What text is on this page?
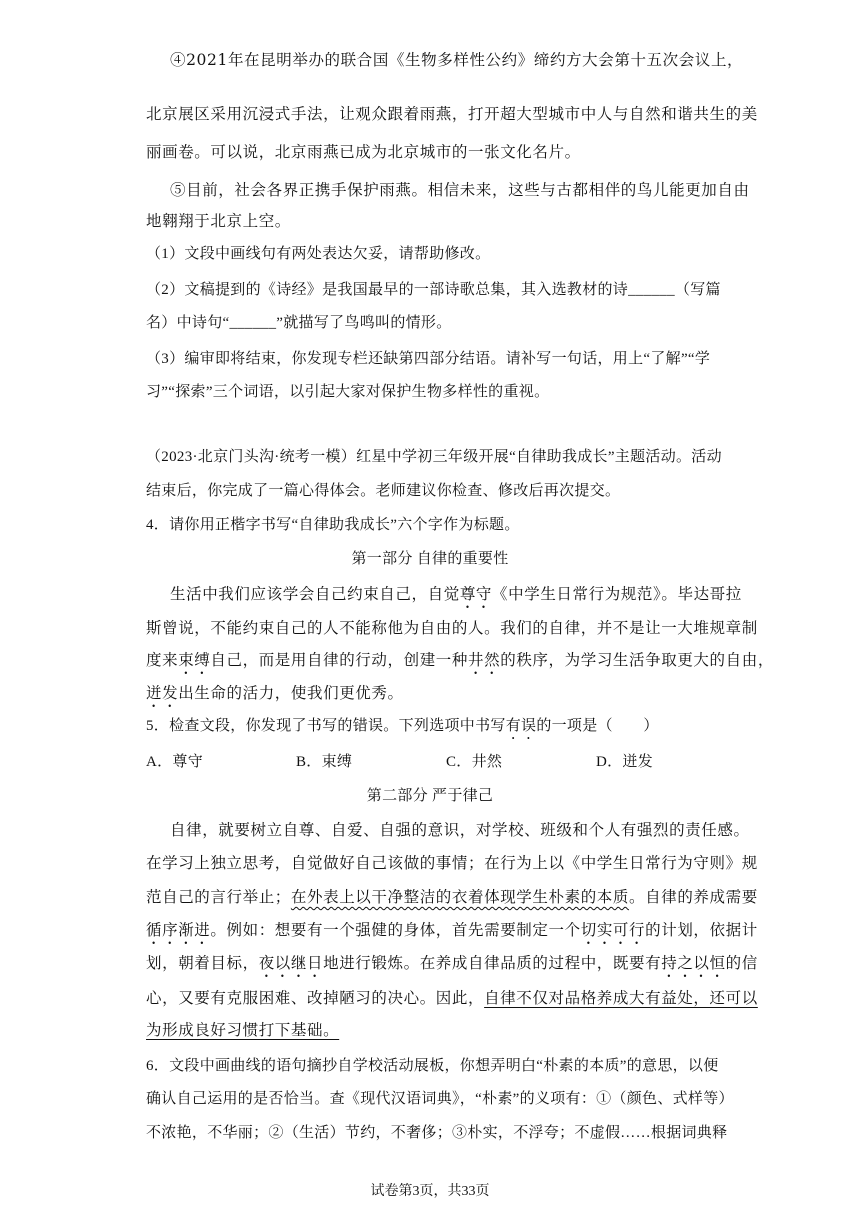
④2021年在昆明举办的联合国《生物多样性公约》缔约方大会第十五次会议上，
北京展区采用沉浸式手法，让观众跟着雨燕，打开超大型城市中人与自然和谐共生的美
丽画卷。可以说，北京雨燕已成为北京城市的一张文化名片。
⑤目前，社会各界正携手保护雨燕。相信未来，这些与古都相伴的鸟儿能更加自由
地翱翔于北京上空。
（1）文段中画线句有两处表达欠妥，请帮助修改。
（2）文稿提到的《诗经》是我国最早的一部诗歌总集，其入选教材的诗______（写篇
名）中诗句“______”就描写了鸟鸣叫的情形。
（3）编审即将结束，你发现专栏还缺第四部分结语。请补写一句话，用上“了解”“学
习”“探索”三个词语，以引起大家对保护生物多样性的重视。
（2023·北京门头沟·统考一模）红星中学初三年级开展“自律助我成长”主题活动。活动
结束后，你完成了一篇心得体会。老师建议你检查、修改后再次提交。
4．请你用正楷字书写“自律助我成长”六个字作为标题。
第一部分 自律的重要性
生活中我们应该学会自己约束自己，自觉尊守《中学生日常行为规范》。毕达哥拉
斯曾说，不能约束自己的人不能称他为自由的人。我们的自律，并不是让一大堆规章制
度来束缚自己，而是用自律的行动，创建一种井然的秩序，为学习生活争取更大的自由，
迸发出生命的活力，使我们更优秀。
5．检查文段，你发现了书写的错误。下列选项中书写有误的一项是（　　）
A．尊守	B．束缚	C．井然	D．迸发
第二部分 严于律己
自律，就要树立自尊、自爱、自强的意识，对学校、班级和个人有强烈的责任感。
在学习上独立思考，自觉做好自己该做的事情；在行为上以《中学生日常行为守则》规
范自己的言行举止；在外表上以干净整洁的衣着体现学生朴素的本质。自律的养成需要
循序渐进。例如：想要有一个强健的身体，首先需要制定一个切实可行的计划，依据计
划，朝着目标，夜以继日地进行锻炼。在养成自律品质的过程中，既要有持之以恒的信
心，又要有克服困难、改掉陋习的决心。因此，自律不仅对品格养成大有益处，还可以
为形成良好习惯打下基础。
6．文段中画曲线的语句摘抄自学校活动展板，你想弄明白“朴素的本质”的意思，以便
确认自己运用的是否恰当。查《现代汉语词典》，“朴素”的义项有：①（颜色、式样等）
不浓艳，不华丽；②（生活）节约，不奢侈；③朴实，不浮夸；不虚假……根据词典释
试卷第3页，共33页
